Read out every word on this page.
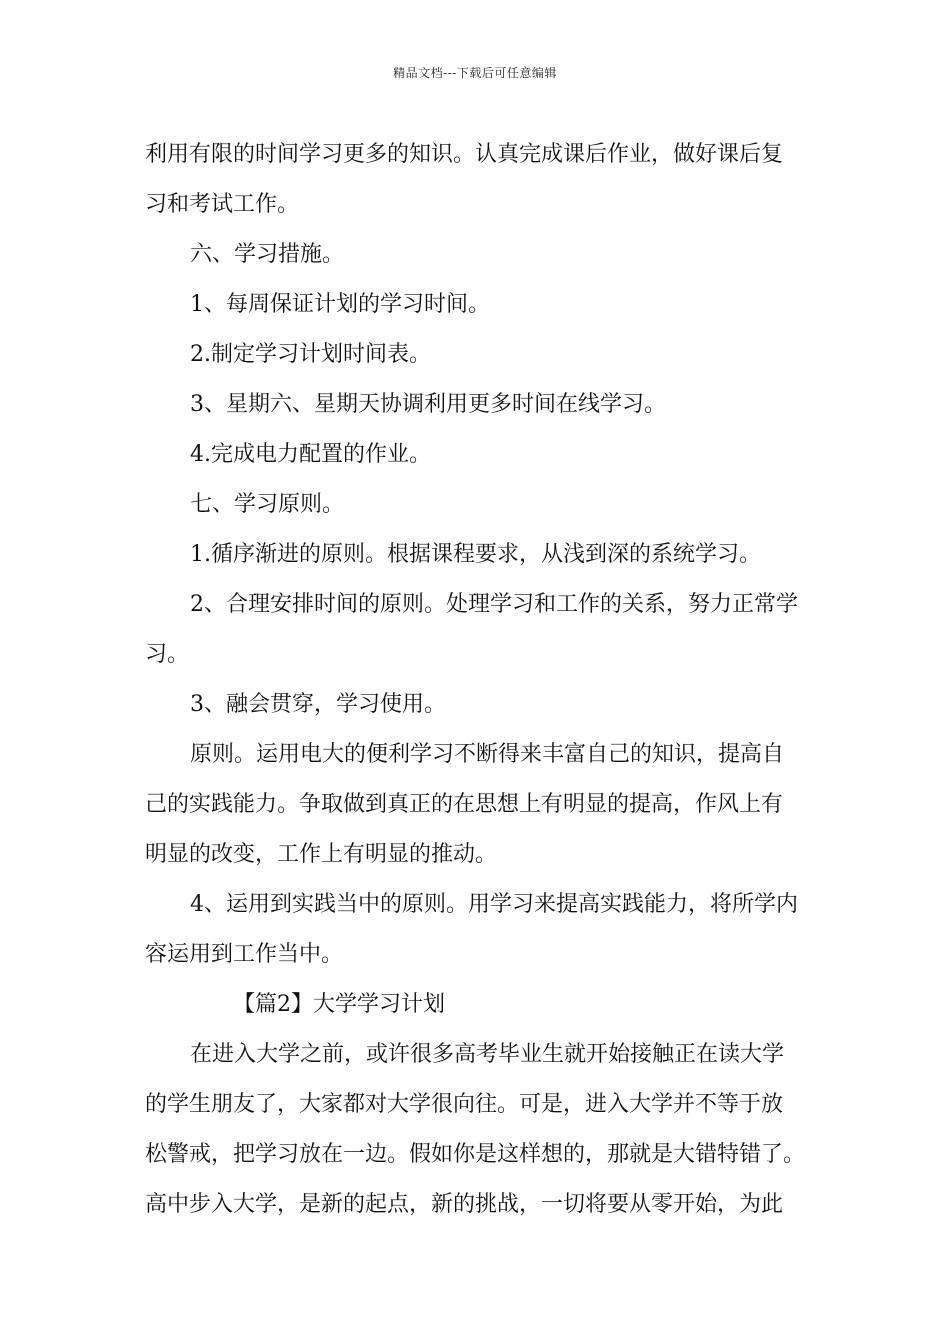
精品文档---下载后可任意编辑
利用有限的时间学习更多的知识。认真完成课后作业，做好课后复
习和考试工作。
六、学习措施。
1、每周保证计划的学习时间。
2.制定学习计划时间表。
3、星期六、星期天协调利用更多时间在线学习。
4.完成电力配置的作业。
七、学习原则。
1.循序渐进的原则。根据课程要求，从浅到深的系统学习。
2、合理安排时间的原则。处理学习和工作的关系，努力正常学
习。
3、融会贯穿，学习使用。
原则。运用电大的便利学习不断得来丰富自己的知识，提高自
己的实践能力。争取做到真正的在思想上有明显的提高，作风上有
明显的改变，工作上有明显的推动。
4、运用到实践当中的原则。用学习来提高实践能力，将所学内
容运用到工作当中。
【篇2】大学学习计划
在进入大学之前，或许很多高考毕业生就开始接触正在读大学
的学生朋友了，大家都对大学很向往。可是，进入大学并不等于放
松警戒，把学习放在一边。假如你是这样想的，那就是大错特错了。
高中步入大学，是新的起点，新的挑战，一切将要从零开始，为此
